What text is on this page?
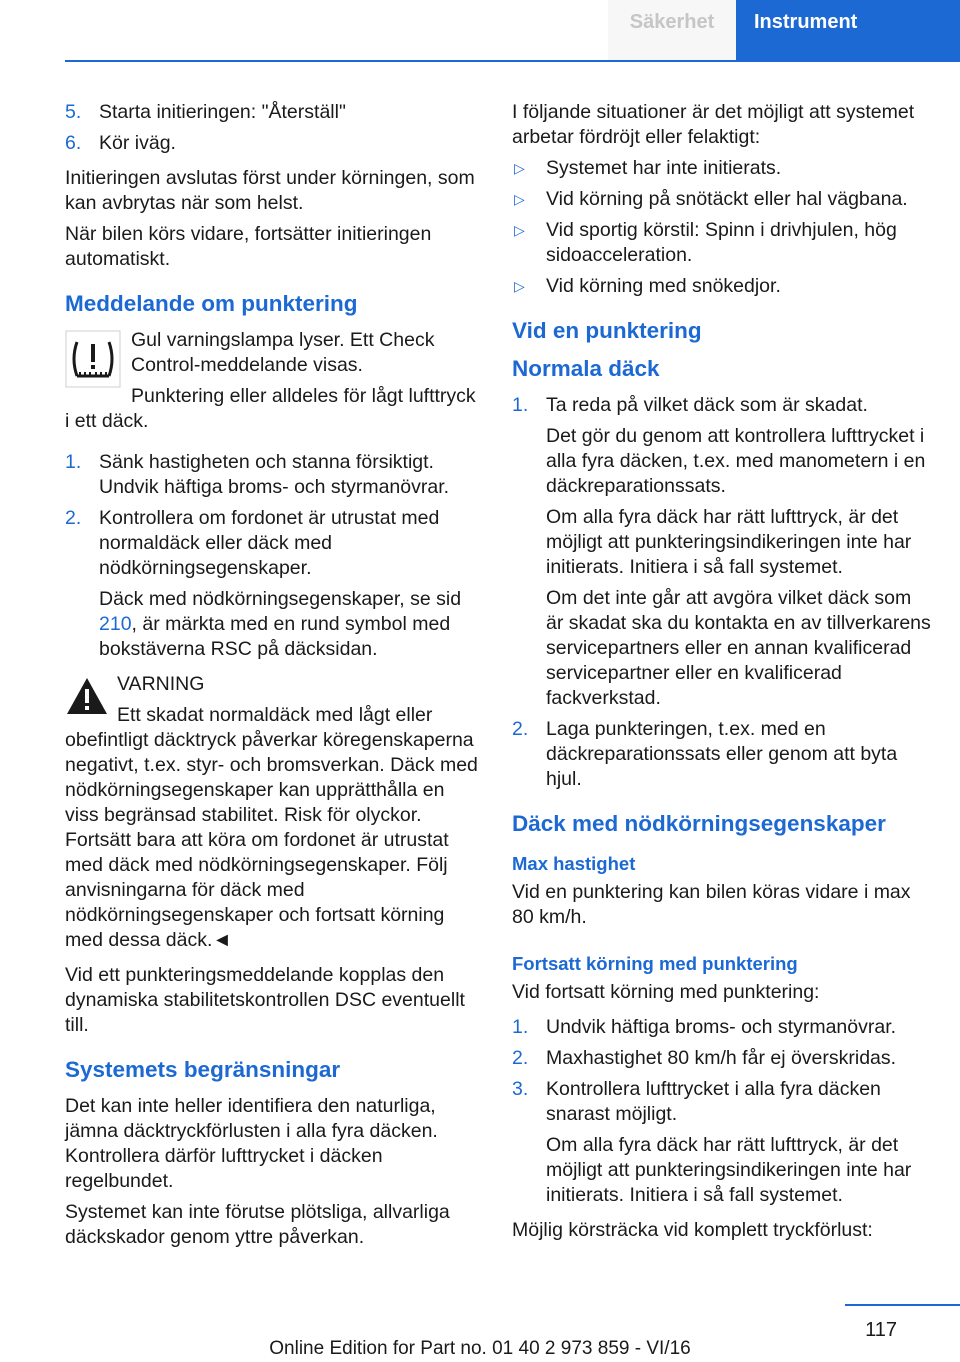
Säkerhet	Instrument
5. Starta initieringen: "Återställ"
6. Kör iväg.

Initieringen avslutas först under körningen, som kan avbrytas när som helst.

När bilen körs vidare, fortsätter initieringen automatiskt.

Meddelande om punktering

Gul varningslampa lyser. Ett Check Control-meddelande visas.

Punktering eller alldeles för lågt lufttryck i ett däck.

1. Sänk hastigheten och stanna försiktigt. Undvik häftiga broms- och styrmanövrar.
2. Kontrollera om fordonet är utrustat med normaldäck eller däck med nödkörningsegenskaper.
Däck med nödkörningsegenskaper, se sid 210, är märkta med en rund symbol med bokstäverna RSC på däcksidan.

VARNING

Ett skadat normaldäck med lågt eller obefintligt däcktryck påverkar köregenskaperna negativt, t.ex. styr- och bromsverkan. Däck med nödkörningsegenskaper kan upprätthålla en viss begränsad stabilitet. Risk för olyckor. Fortsätt bara att köra om fordonet är utrustat med däck med nödkörningsegenskaper. Följ anvisningarna för däck med nödkörningsegenskaper och fortsatt körning med dessa däck.◄

Vid ett punkteringsmeddelande kopplas den dynamiska stabilitetskontrollen DSC eventuellt till.

Systemets begränsningar

Det kan inte heller identifiera den naturliga, jämna däcktryckförlusten i alla fyra däcken. Kontrollera därför lufttrycket i däcken regelbundet.

Systemet kan inte förutse plötsliga, allvarliga däckskador genom yttre påverkan.

I följande situationer är det möjligt att systemet arbetar fördröjt eller felaktigt:

▷ Systemet har inte initierats.
▷ Vid körning på snötäckt eller hal vägbana.
▷ Vid sportig körstil: Spinn i drivhjulen, hög sidoacceleration.
▷ Vid körning med snökedjor.
Vid en punktering
Normala däck
1. Ta reda på vilket däck som är skadat.
Det gör du genom att kontrollera lufttrycket i alla fyra däcken, t.ex. med manometern i en däckreparationssats.
Om alla fyra däck har rätt lufttryck, är det möjligt att punkteringsindikeringen inte har initierats. Initiera i så fall systemet.
Om det inte går att avgöra vilket däck som är skadat ska du kontakta en av tillverkarens servicepartners eller en annan kvalificerad servicepartner eller en kvalificerad fackverkstad.
2. Laga punkteringen, t.ex. med en däckreparationssats eller genom att byta hjul.
Däck med nödkörningsegenskaper
Max hastighet

Vid en punktering kan bilen köras vidare i max 80 km/h.

Fortsatt körning med punktering

Vid fortsatt körning med punktering:

1. Undvik häftiga broms- och styrmanövrar.
2. Maxhastighet 80 km/h får ej överskridas.
3. Kontrollera lufttrycket i alla fyra däcken snarast möjligt.
Om alla fyra däck har rätt lufttryck, är det möjligt att punkteringsindikeringen inte har initierats. Initiera i så fall systemet.

Möjlig körsträcka vid komplett tryckförlust:

117
Online Edition for Part no. 01 40 2 973 859 - VI/16
